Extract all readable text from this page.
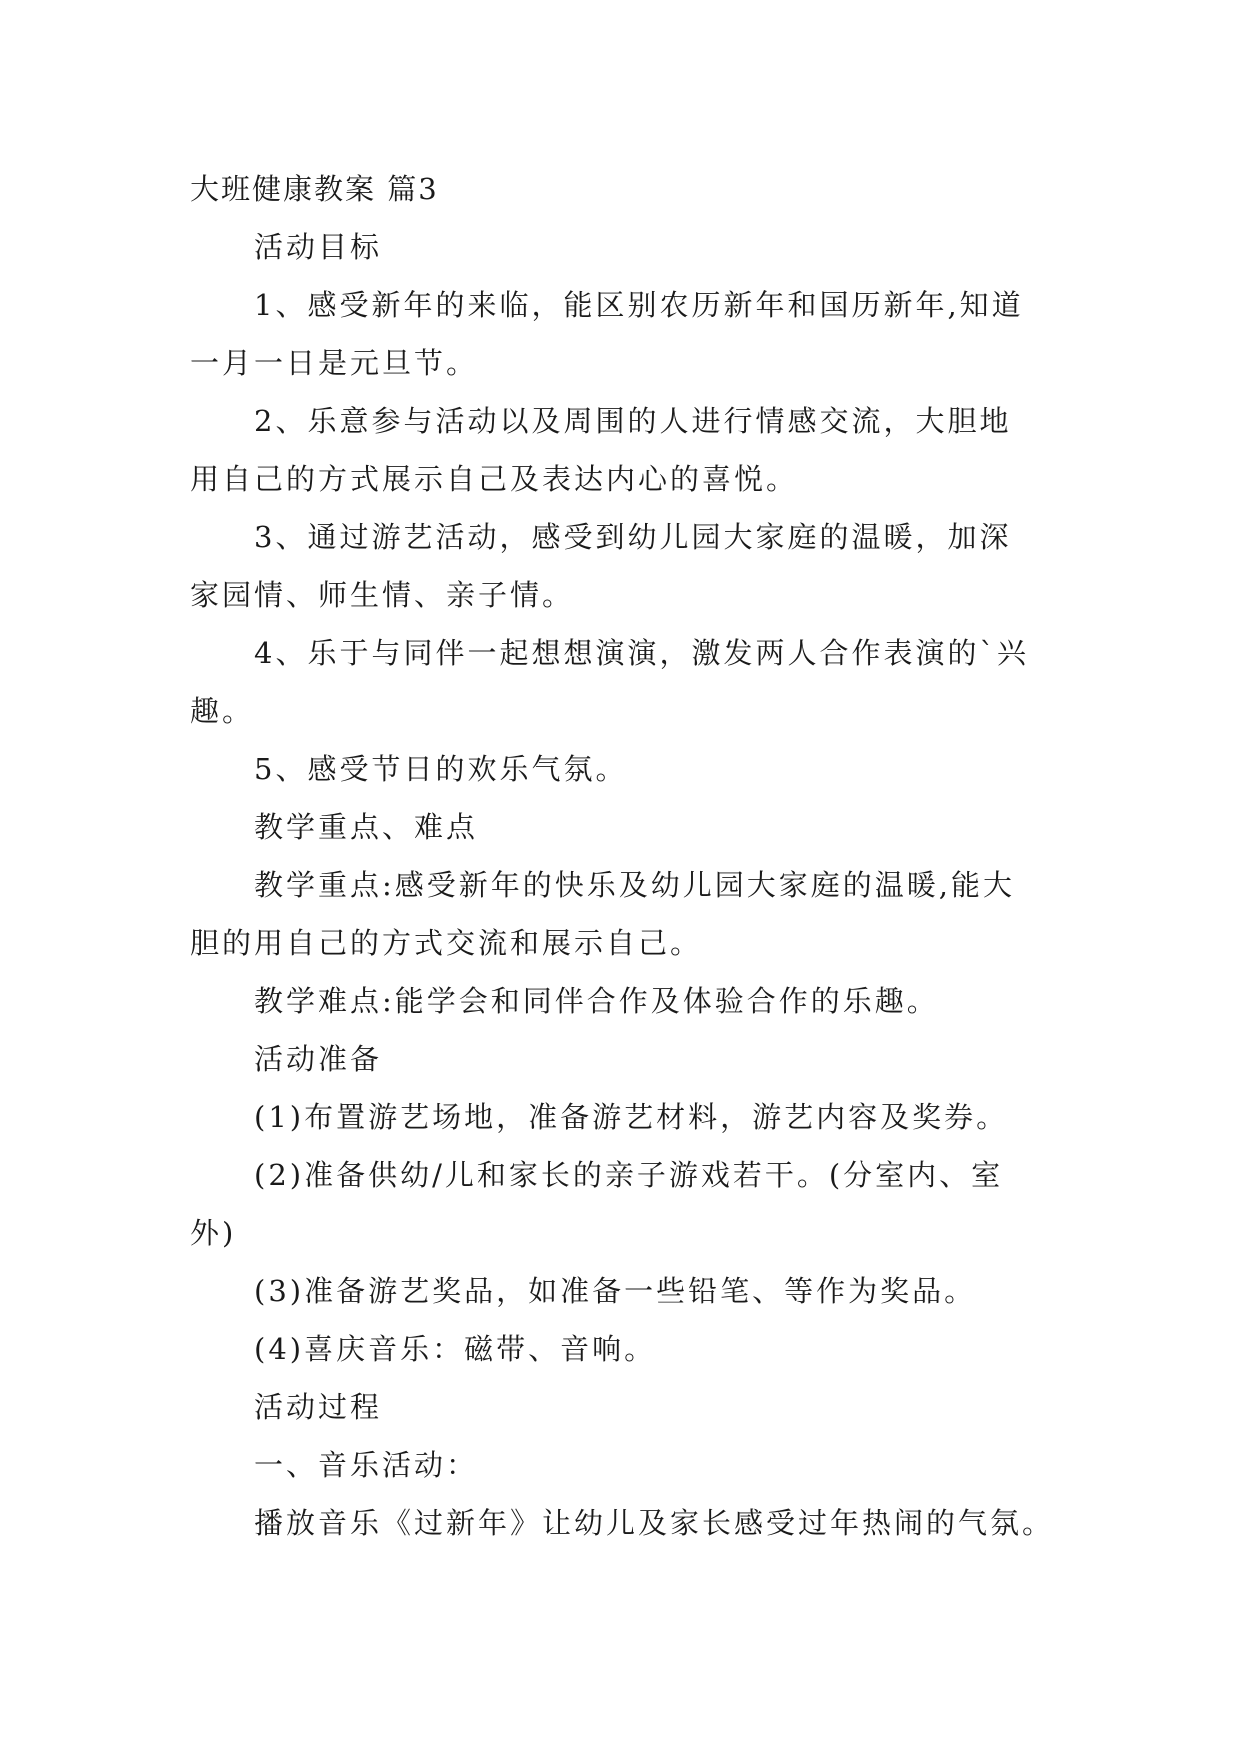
大班健康教案 篇3
活动目标
1、感受新年的来临，能区别农历新年和国历新年,知道
一月一日是元旦节。
2、乐意参与活动以及周围的人进行情感交流，大胆地
用自己的方式展示自己及表达内心的喜悦。
3、通过游艺活动，感受到幼儿园大家庭的温暖，加深
家园情、师生情、亲子情。
4、乐于与同伴一起想想演演，激发两人合作表演的`兴
趣。
5、感受节日的欢乐气氛。
教学重点、难点
教学重点:感受新年的快乐及幼儿园大家庭的温暖,能大
胆的用自己的方式交流和展示自己。
教学难点:能学会和同伴合作及体验合作的乐趣。
活动准备
(1)布置游艺场地，准备游艺材料，游艺内容及奖券。
(2)准备供幼/儿和家长的亲子游戏若干。(分室内、室
外)
(3)准备游艺奖品，如准备一些铅笔、等作为奖品。
(4)喜庆音乐：磁带、音响。
活动过程
一、音乐活动：
播放音乐《过新年》让幼儿及家长感受过年热闹的气氛。
